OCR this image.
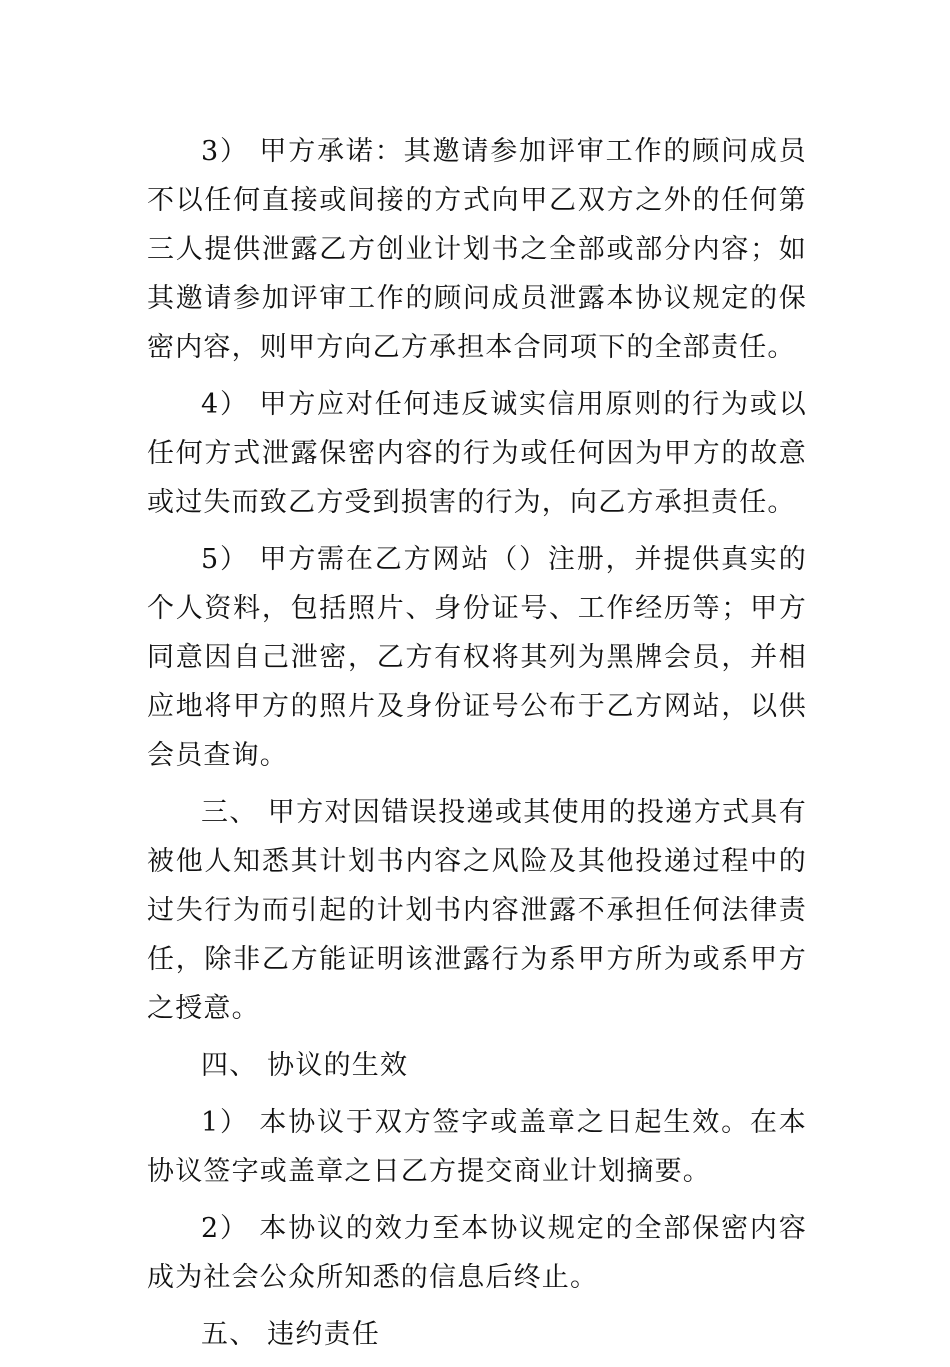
3） 甲方承诺：其邀请参加评审工作的顾问成员不以任何直接或间接的方式向甲乙双方之外的任何第三人提供泄露乙方创业计划书之全部或部分内容；如其邀请参加评审工作的顾问成员泄露本协议规定的保密内容，则甲方向乙方承担本合同项下的全部责任。

4） 甲方应对任何违反诚实信用原则的行为或以任何方式泄露保密内容的行为或任何因为甲方的故意或过失而致乙方受到损害的行为，向乙方承担责任。

5） 甲方需在乙方网站（）注册，并提供真实的个人资料，包括照片、身份证号、工作经历等；甲方同意因自己泄密，乙方有权将其列为黑牌会员，并相应地将甲方的照片及身份证号公布于乙方网站，以供会员查询。

三、 甲方对因错误投递或其使用的投递方式具有被他人知悉其计划书内容之风险及其他投递过程中的过失行为而引起的计划书内容泄露不承担任何法律责任，除非乙方能证明该泄露行为系甲方所为或系甲方之授意。

四、 协议的生效

1） 本协议于双方签字或盖章之日起生效。在本协议签字或盖章之日乙方提交商业计划摘要。

2） 本协议的效力至本协议规定的全部保密内容成为社会公众所知悉的信息后终止。

五、 违约责任
